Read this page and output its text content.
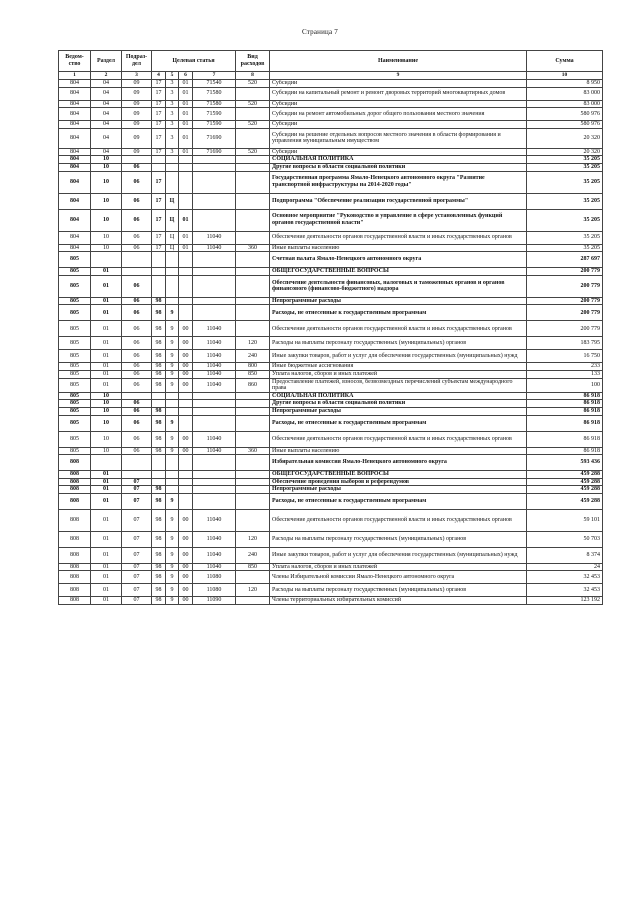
Страница 7
Ведом-ство	Раздел	Подраз-дел	Целевая статья				Вид расходов	Наименование	Сумма
1	2	3	4	5	6	7	8	9	10
804	04	09	17	3	01	71540	520	Субсидии	8 950
804	04	09	17	3	01	71580		Субсидии на капитальный ремонт и ремонт дворовых территорий многоквартирных домов	83 000
804	04	09	17	3	01	71580	520	Субсидии	83 000
804	04	09	17	3	01	71590		Субсидии на ремонт автомобильных дорог общего пользования местного значения	580 976
804	04	09	17	3	01	71590	520	Субсидии	580 976
804	04	09	17	3	01	71690		Субсидии на решение отдельных вопросов местного значения в области формирования и управления муниципальным имуществом	20 320
804	04	09	17	3	01	71690	520	Субсидии	20 320
804	10							СОЦИАЛЬНАЯ ПОЛИТИКА	35 205
804	10	06						Другие вопросы в области социальной политики	35 205
804	10	06	17					Государственная программа Ямало-Ненецкого автономного округа "Развитие транспортной инфраструктуры на 2014-2020 годы"	35 205
804	10	06	17	Ц				Подпрограмма "Обеспечение реализации государственной программы"	35 205
804	10	06	17	Ц	01			Основное мероприятие "Руководство и управление в сфере установленных функций органов государственной власти"	35 205
804	10	06	17	Ц	01	11040		Обеспечение деятельности органов государственной власти и иных государственных органов	35 205
804	10	06	17	Ц	01	11040	360	Иные выплаты населению	35 205
805								Счетная палата Ямало-Ненецкого автономного округа	287 697
805	01							ОБЩЕГОСУДАРСТВЕННЫЕ ВОПРОСЫ	200 779
805	01	06						Обеспечение деятельности финансовых, налоговых и таможенных органов и органов финансового (финансово-бюджетного) надзора	200 779
805	01	06	98					Непрограммные расходы	200 779
805	01	06	98	9				Расходы, не отнесенные к государственным программам	200 779
805	01	06	98	9	00	11040		Обеспечение деятельности органов государственной власти и иных государственных органов	200 779
805	01	06	98	9	00	11040	120	Расходы на выплаты персоналу государственных (муниципальных) органов	183 795
805	01	06	98	9	00	11040	240	Иные закупки товаров, работ и услуг для обеспечения государственных (муниципальных) нужд	16 750
805	01	06	98	9	00	11040	800	Иные бюджетные ассигнования	233
805	01	06	98	9	00	11040	850	Уплата налогов, сборов и иных платежей	133
805	01	06	98	9	00	11040	860	Предоставление платежей, взносов, безвозмездных перечислений субъектам международного права	100
805	10							СОЦИАЛЬНАЯ ПОЛИТИКА	86 918
805	10	06						Другие вопросы в области социальной политики	86 918
805	10	06	98					Непрограммные расходы	86 918
805	10	06	98	9				Расходы, не отнесенные к государственным программам	86 918
805	10	06	98	9	00	11040		Обеспечение деятельности органов государственной власти и иных государственных органов	86 918
805	10	06	98	9	00	11040	360	Иные выплаты населению	86 918
808								Избирательная комиссия Ямало-Ненецкого автономного округа	593 436
808	01							ОБЩЕГОСУДАРСТВЕННЫЕ ВОПРОСЫ	459 288
808	01	07						Обеспечение проведения выборов и референдумов	459 288
808	01	07	98					Непрограммные расходы	459 288
808	01	07	98	9				Расходы, не отнесенные к государственным программам	459 288
808	01	07	98	9	00	11040		Обеспечение деятельности органов государственной власти и иных государственных органов	59 101
808	01	07	98	9	00	11040	120	Расходы на выплаты персоналу государственных (муниципальных) органов	50 703
808	01	07	98	9	00	11040	240	Иные закупки товаров, работ и услуг для обеспечения государственных (муниципальных) нужд	8 374
808	01	07	98	9	00	11040	850	Уплата налогов, сборов и иных платежей	24
808	01	07	98	9	00	11080		Члены Избирательной комиссии Ямало-Ненецкого автономного округа	32 453
808	01	07	98	9	00	11080	120	Расходы на выплаты персоналу государственных (муниципальных) органов	32 453
808	01	07	98	9	00	11090		Члены территориальных избирательных комиссий	123 192
